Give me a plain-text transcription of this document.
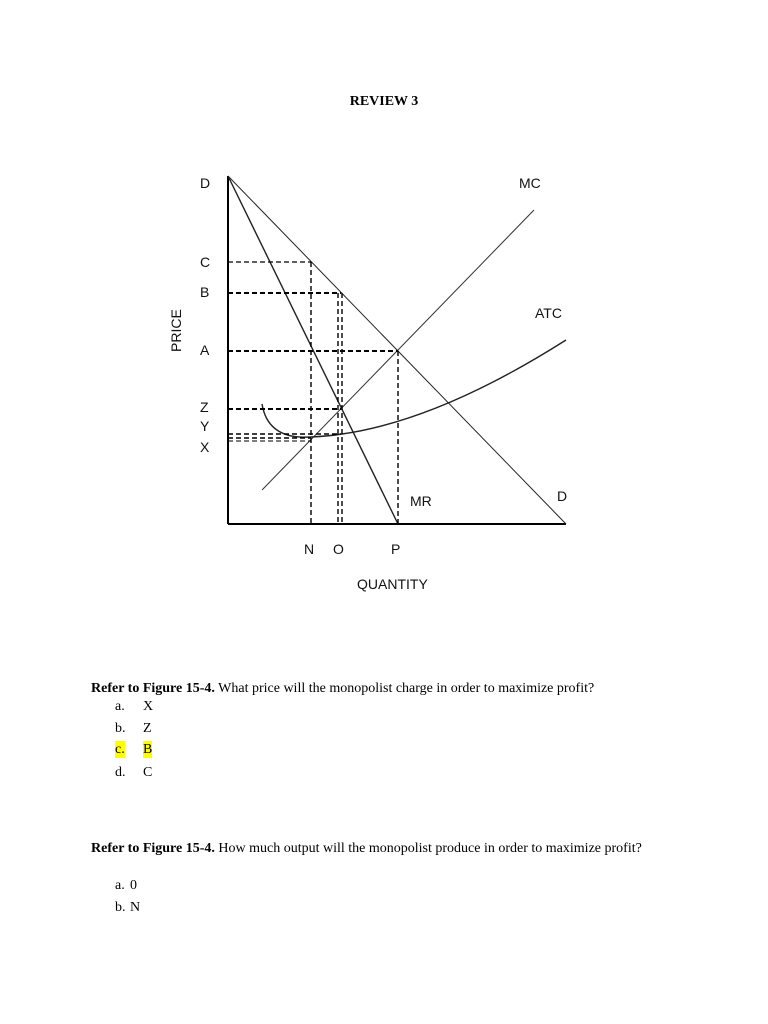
REVIEW 3
D
C
B
A
Z
Y
X
PRICE
N O	P
QUANTITY
MC
ATC
MR	D
Refer to Figure 15-4. What price will the monopolist charge in order to maximize profit?
a. X
b. Z
c. B
d. C
Refer to Figure 15-4. How much output will the monopolist produce in order to maximize profit?
a. 0
b. N
